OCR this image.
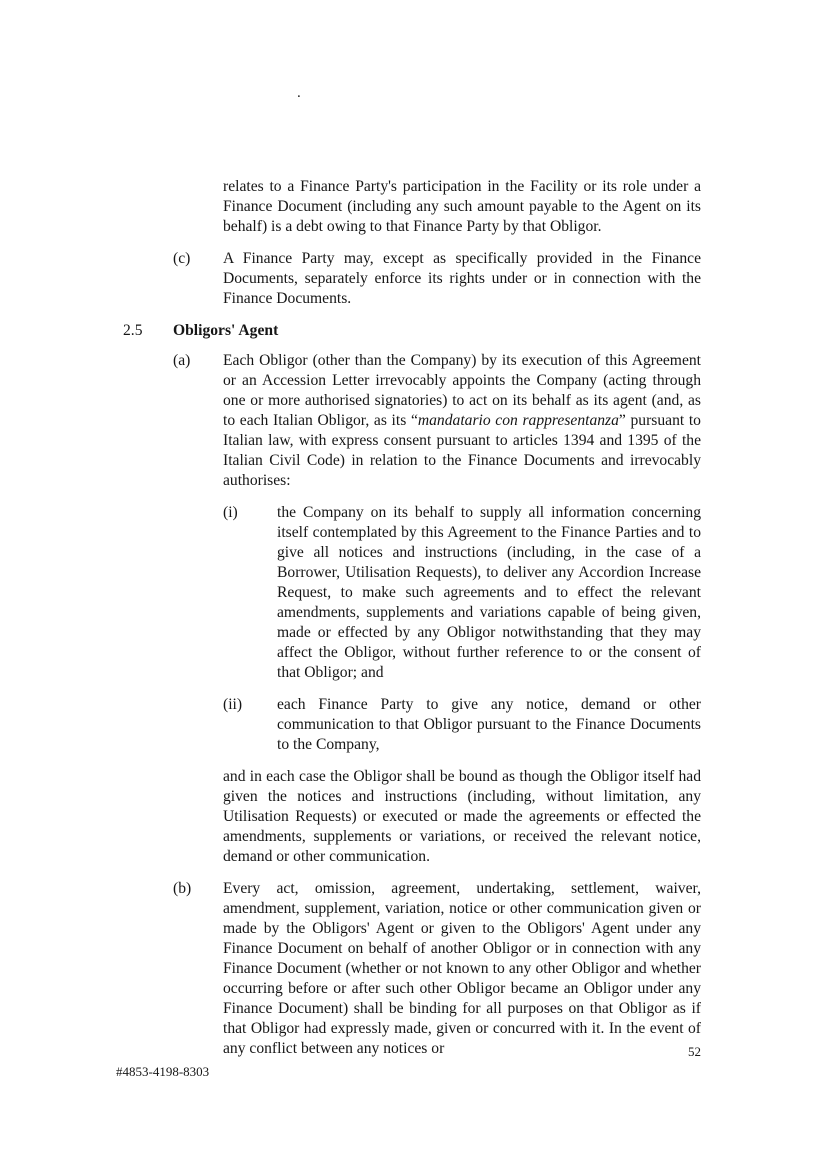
.

relates to a Finance Party's participation in the Facility or its role under a Finance Document (including any such amount payable to the Agent on its behalf) is a debt owing to that Finance Party by that Obligor.

(c)	A Finance Party may, except as specifically provided in the Finance Documents, separately enforce its rights under or in connection with the Finance Documents.
2.5	Obligors' Agent
(a)	Each Obligor (other than the Company) by its execution of this Agreement or an Accession Letter irrevocably appoints the Company (acting through one or more authorised signatories) to act on its behalf as its agent (and, as to each Italian Obligor, as its “mandatario con rappresentanza” pursuant to Italian law, with express consent pursuant to articles 1394 and 1395 of the Italian Civil Code) in relation to the Finance Documents and irrevocably authorises:
(i)	the Company on its behalf to supply all information concerning itself contemplated by this Agreement to the Finance Parties and to give all notices and instructions (including, in the case of a Borrower, Utilisation Requests), to deliver any Accordion Increase Request, to make such agreements and to effect the relevant amendments, supplements and variations capable of being given, made or effected by any Obligor notwithstanding that they may affect the Obligor, without further reference to or the consent of that Obligor; and
(ii)	each Finance Party to give any notice, demand or other communication to that Obligor pursuant to the Finance Documents to the Company,

and in each case the Obligor shall be bound as though the Obligor itself had given the notices and instructions (including, without limitation, any Utilisation Requests) or executed or made the agreements or effected the amendments, supplements or variations, or received the relevant notice, demand or other communication.

(b)	Every act, omission, agreement, undertaking, settlement, waiver, amendment, supplement, variation, notice or other communication given or made by the Obligors' Agent or given to the Obligors' Agent under any Finance Document on behalf of another Obligor or in connection with any Finance Document (whether or not known to any other Obligor and whether occurring before or after such other Obligor became an Obligor under any Finance Document) shall be binding for all purposes on that Obligor as if that Obligor had expressly made, given or concurred with it. In the event of any conflict between any notices or	52
#4853-4198-8303
